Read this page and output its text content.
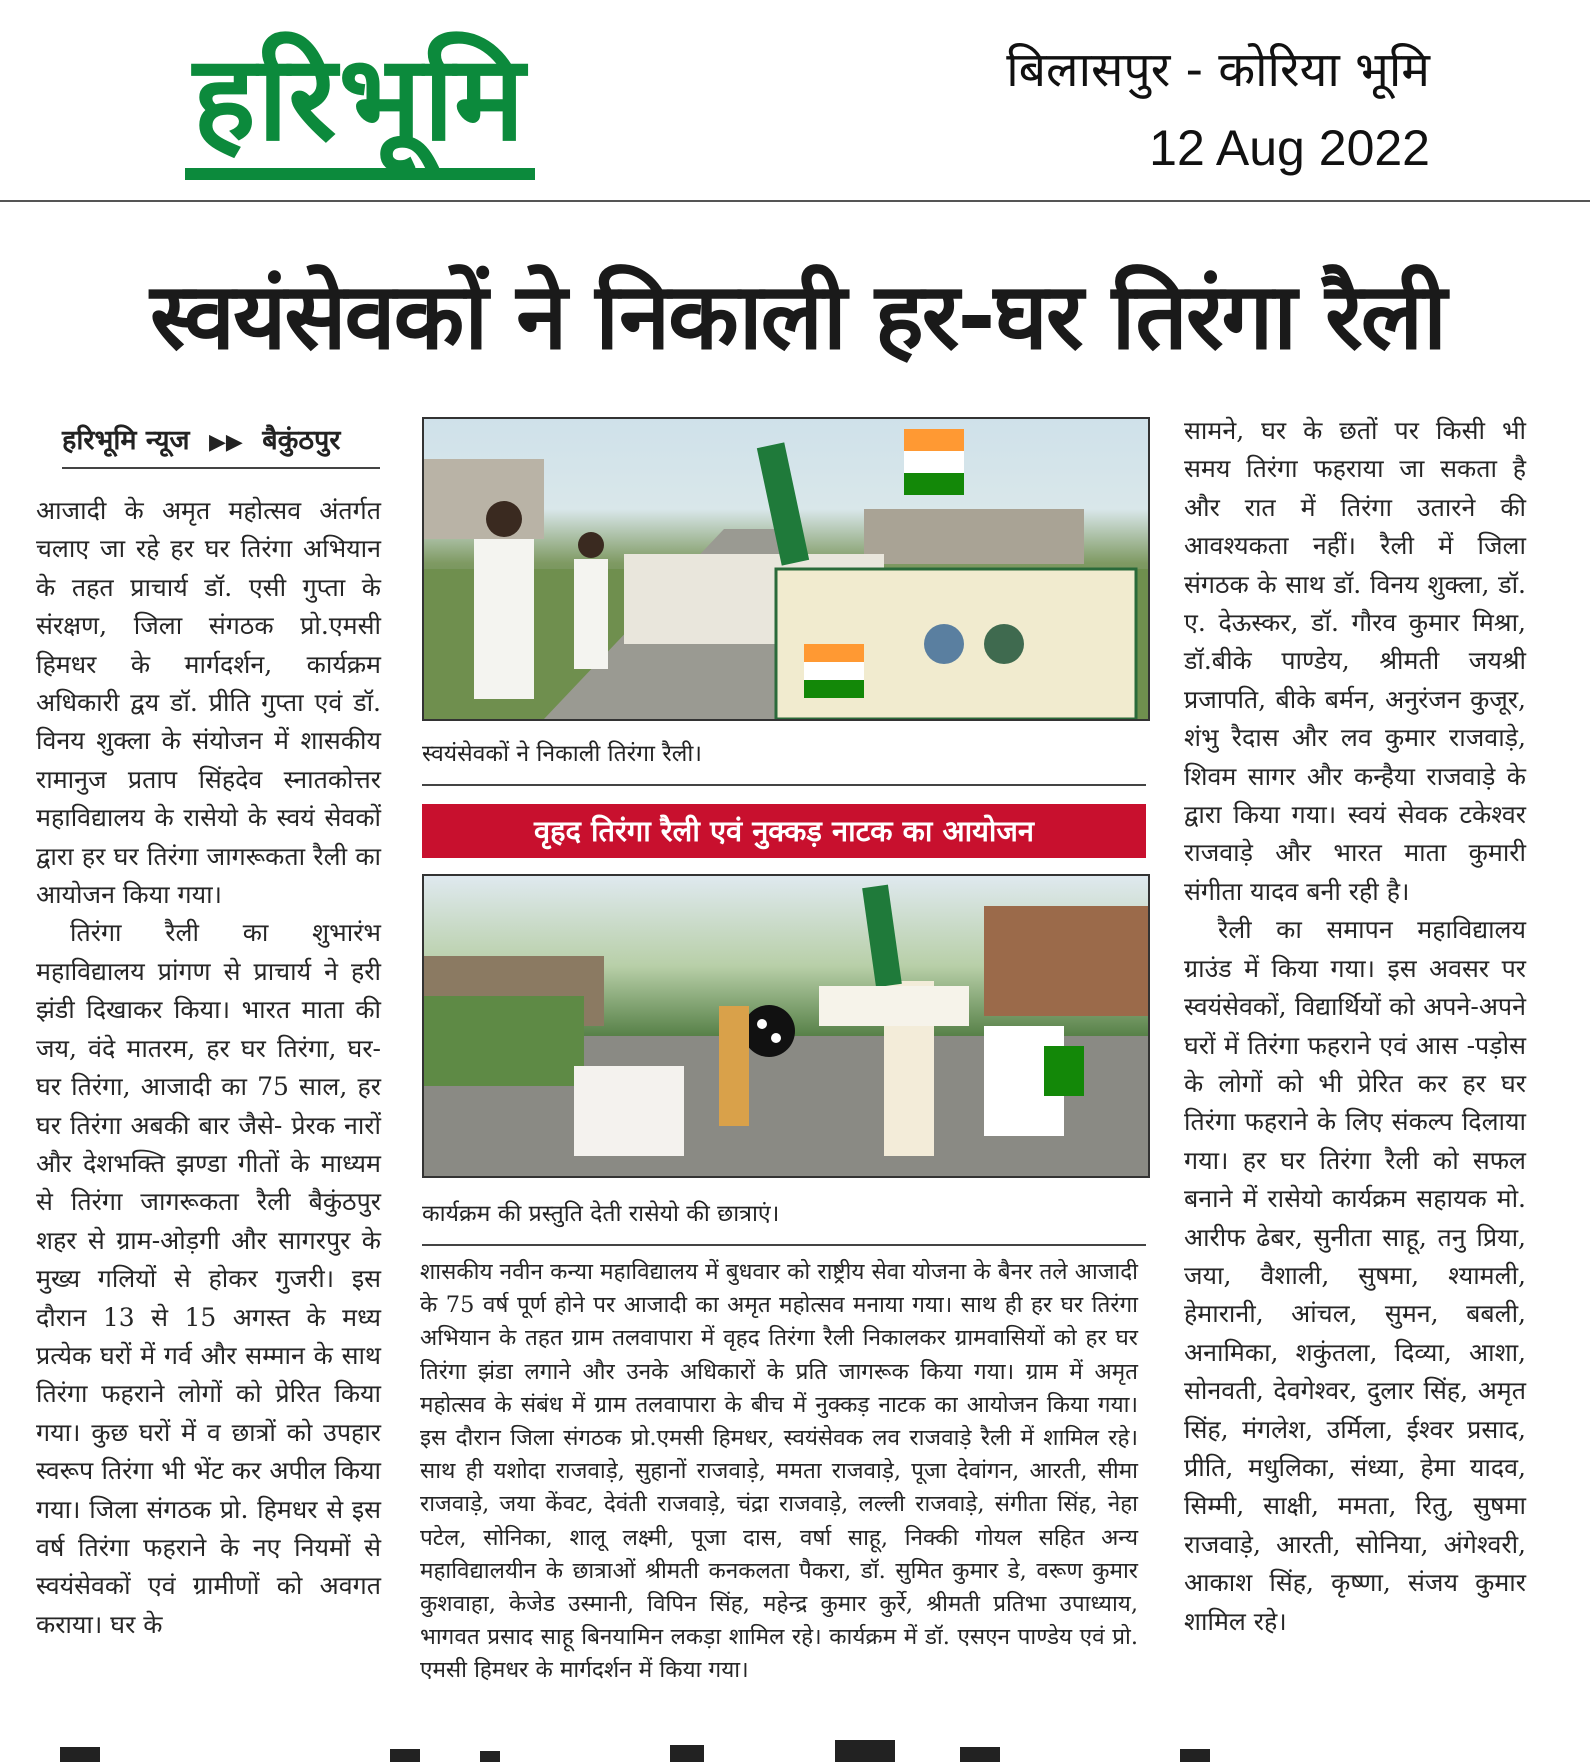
हरिभूमि	बिलासपुर - कोरिया भूमि
12 Aug 2022
स्वयंसेवकों ने निकाली हर-घर तिरंगा रैली
हरिभूमि न्यूज ▶▶ बैकुंठपुर

आजादी के अमृत महोत्सव अंतर्गत चलाए जा रहे हर घर तिरंगा अभियान के तहत प्राचार्य डॉ. एसी गुप्ता के संरक्षण, जिला संगठक प्रो.एमसी हिमधर के मार्गदर्शन, कार्यक्रम अधिकारी द्वय डॉ. प्रीति गुप्ता एवं डॉ. विनय शुक्ला के संयोजन में शासकीय रामानुज प्रताप सिंहदेव स्नातकोत्तर महाविद्यालय के रासेयो के स्वयं सेवकों द्वारा हर घर तिरंगा जागरूकता रैली का आयोजन किया गया।

तिरंगा रैली का शुभारंभ महाविद्यालय प्रांगण से प्राचार्य ने हरी झंडी दिखाकर किया। भारत माता की जय, वंदे मातरम, हर घर तिरंगा, घर-घर तिरंगा, आजादी का 75 साल, हर घर तिरंगा अबकी बार जैसे- प्रेरक नारों और देशभक्ति झण्डा गीतों के माध्यम से तिरंगा जागरूकता रैली बैकुंठपुर शहर से ग्राम-ओड़गी और सागरपुर के मुख्य गलियों से होकर गुजरी। इस दौरान 13 से 15 अगस्त के मध्य प्रत्येक घरों में गर्व और सम्मान के साथ तिरंगा फहराने लोगों को प्रेरित किया गया। कुछ घरों में व छात्रों को उपहार स्वरूप तिरंगा भी भेंट कर अपील किया गया। जिला संगठक प्रो. हिमधर से इस वर्ष तिरंगा फहराने के नए नियमों से स्वयंसेवकों एवं ग्रामीणों को अवगत कराया। घर के

स्वयंसेवकों ने निकाली तिरंगा रैली।
वृहद तिरंगा रैली एवं नुक्कड़ नाटक का आयोजन
कार्यक्रम की प्रस्तुति देती रासेयो की छात्राएं।

शासकीय नवीन कन्या महाविद्यालय में बुधवार को राष्ट्रीय सेवा योजना के बैनर तले आजादी के 75 वर्ष पूर्ण होने पर आजादी का अमृत महोत्सव मनाया गया। साथ ही हर घर तिरंगा अभियान के तहत ग्राम तलवापारा में वृहद तिरंगा रैली निकालकर ग्रामवासियों को हर घर तिरंगा झंडा लगाने और उनके अधिकारों के प्रति जागरूक किया गया। ग्राम में अमृत महोत्सव के संबंध में ग्राम तलवापारा के बीच में नुक्कड़ नाटक का आयोजन किया गया। इस दौरान जिला संगठक प्रो.एमसी हिमधर, स्वयंसेवक लव राजवाड़े रैली में शामिल रहे। साथ ही यशोदा राजवाड़े, सुहानों राजवाड़े, ममता राजवाड़े, पूजा देवांगन, आरती, सीमा राजवाड़े, जया केंवट, देवंती राजवाड़े, चंद्रा राजवाड़े, लल्ली राजवाड़े, संगीता सिंह, नेहा पटेल, सोनिका, शालू लक्ष्मी, पूजा दास, वर्षा साहू, निक्की गोयल सहित अन्य महाविद्यालयीन के छात्राओं श्रीमती कनकलता पैकरा, डॉ. सुमित कुमार डे, वरूण कुमार कुशवाहा, केजेड उस्मानी, विपिन सिंह, महेन्द्र कुमार कुर्रे, श्रीमती प्रतिभा उपाध्याय, भागवत प्रसाद साहू बिनयामिन लकड़ा शामिल रहे। कार्यक्रम में डॉ. एसएन पाण्डेय एवं प्रो. एमसी हिमधर के मार्गदर्शन में किया गया।

सामने, घर के छतों पर किसी भी समय तिरंगा फहराया जा सकता है और रात में तिरंगा उतारने की आवश्यकता नहीं। रैली में जिला संगठक के साथ डॉ. विनय शुक्ला, डॉ. ए. देऊस्कर, डॉ. गौरव कुमार मिश्रा, डॉ.बीके पाण्डेय, श्रीमती जयश्री प्रजापति, बीके बर्मन, अनुरंजन कुजूर, शंभु रैदास और लव कुमार राजवाड़े, शिवम सागर और कन्हैया राजवाड़े के द्वारा किया गया। स्वयं सेवक टकेश्वर राजवाड़े और भारत माता कुमारी संगीता यादव बनी रही है।

रैली का समापन महाविद्यालय ग्राउंड में किया गया। इस अवसर पर स्वयंसेवकों, विद्यार्थियों को अपने-अपने घरों में तिरंगा फहराने एवं आस -पड़ोस के लोगों को भी प्रेरित कर हर घर तिरंगा फहराने के लिए संकल्प दिलाया गया। हर घर तिरंगा रैली को सफल बनाने में रासेयो कार्यक्रम सहायक मो. आरीफ ढेबर, सुनीता साहू, तनु प्रिया, जया, वैशाली, सुषमा, श्यामली, हेमारानी, आंचल, सुमन, बबली, अनामिका, शकुंतला, दिव्या, आशा, सोनवती, देवगेश्वर, दुलार सिंह, अमृत सिंह, मंगलेश, उर्मिला, ईश्वर प्रसाद, प्रीति, मधुलिका, संध्या, हेमा यादव, सिम्मी, साक्षी, ममता, रितु, सुषमा राजवाड़े, आरती, सोनिया, अंगेश्वरी, आकाश सिंह, कृष्णा, संजय कुमार शामिल रहे।
